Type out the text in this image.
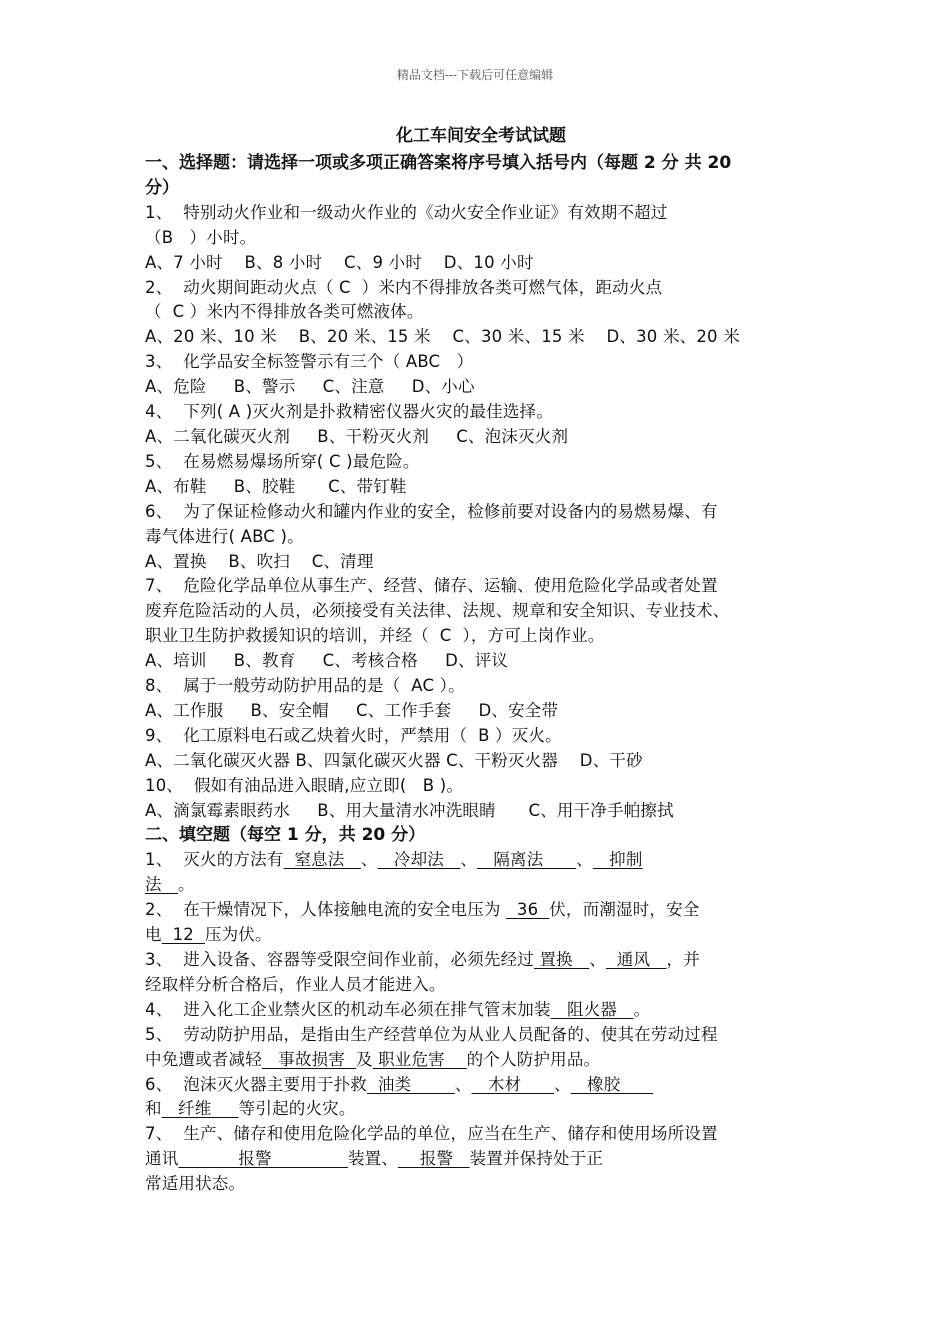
精品文档---下载后可任意编辑
化工车间安全考试试题
一、选择题：请选择一项或多项正确答案将序号填入括号内（每题 2 分 共 20
分）
1、  特别动火作业和一级动火作业的《动火安全作业证》有效期不超过
（B   ）小时。
A、7 小时    B、8 小时    C、9 小时    D、10 小时
2、  动火期间距动火点（ C  ）米内不得排放各类可燃气体，距动火点
（  C ）米内不得排放各类可燃液体。
A、20 米、10 米    B、20 米、15 米    C、30 米、15 米    D、30 米、20 米
3、  化学品安全标签警示有三个（ ABC   ）
A、危险     B、警示     C、注意     D、小心
4、  下列( A )灭火剂是扑救精密仪器火灾的最佳选择。
A、二氧化碳灭火剂     B、干粉灭火剂     C、泡沫灭火剂
5、  在易燃易爆场所穿( C )最危险。
A、布鞋     B、胶鞋      C、带钉鞋
6、  为了保证检修动火和罐内作业的安全，检修前要对设备内的易燃易爆、有
毒气体进行( ABC )。
A、置换    B、吹扫    C、清理
7、  危险化学品单位从事生产、经营、储存、运输、使用危险化学品或者处置
废弃危险活动的人员，必须接受有关法律、法规、规章和安全知识、专业技术、
职业卫生防护救援知识的培训，并经（  C  ），方可上岗作业。
A、培训     B、教育     C、考核合格     D、评议
8、  属于一般劳动防护用品的是（  AC ）。
A、工作服     B、安全帽     C、工作手套     D、安全带
9、  化工原料电石或乙炔着火时，严禁用（  B ）灭火。
A、二氧化碳灭火器 B、四氯化碳灭火器 C、干粉灭火器    D、干砂
10、  假如有油品进入眼睛,应立即(   B )。
A、滴氯霉素眼药水     B、用大量清水冲洗眼睛      C、用干净手帕擦拭
二、填空题（每空 1 分，共 20 分）
1、  灭火的方法有  窒息法   、   冷却法   、   隔离法      、   抑制
法   。
2、  在干燥情况下，人体接触电流的安全电压为   36  伏，而潮湿时，安全
电  12  压为伏。
3、  进入设备、容器等受限空间作业前，必须先经过 置换   、  通风   ，并
经取样分析合格后，作业人员才能进入。
4、  进入化工企业禁火区的机动车必须在排气管末加装   阻火器   。
5、  劳动防护用品，是指由生产经营单位为从业人员配备的、使其在劳动过程
中免遭或者减轻   事故损害  及 职业危害    的个人防护用品。
6、  泡沫灭火器主要用于扑救  油类        、   木材      、   橡胶
和   纤维     等引起的火灾。
7、  生产、储存和使用危险化学品的单位，应当在生产、储存和使用场所设置
通讯           报警              装置、    报警   装置并保持处于正
常适用状态。
